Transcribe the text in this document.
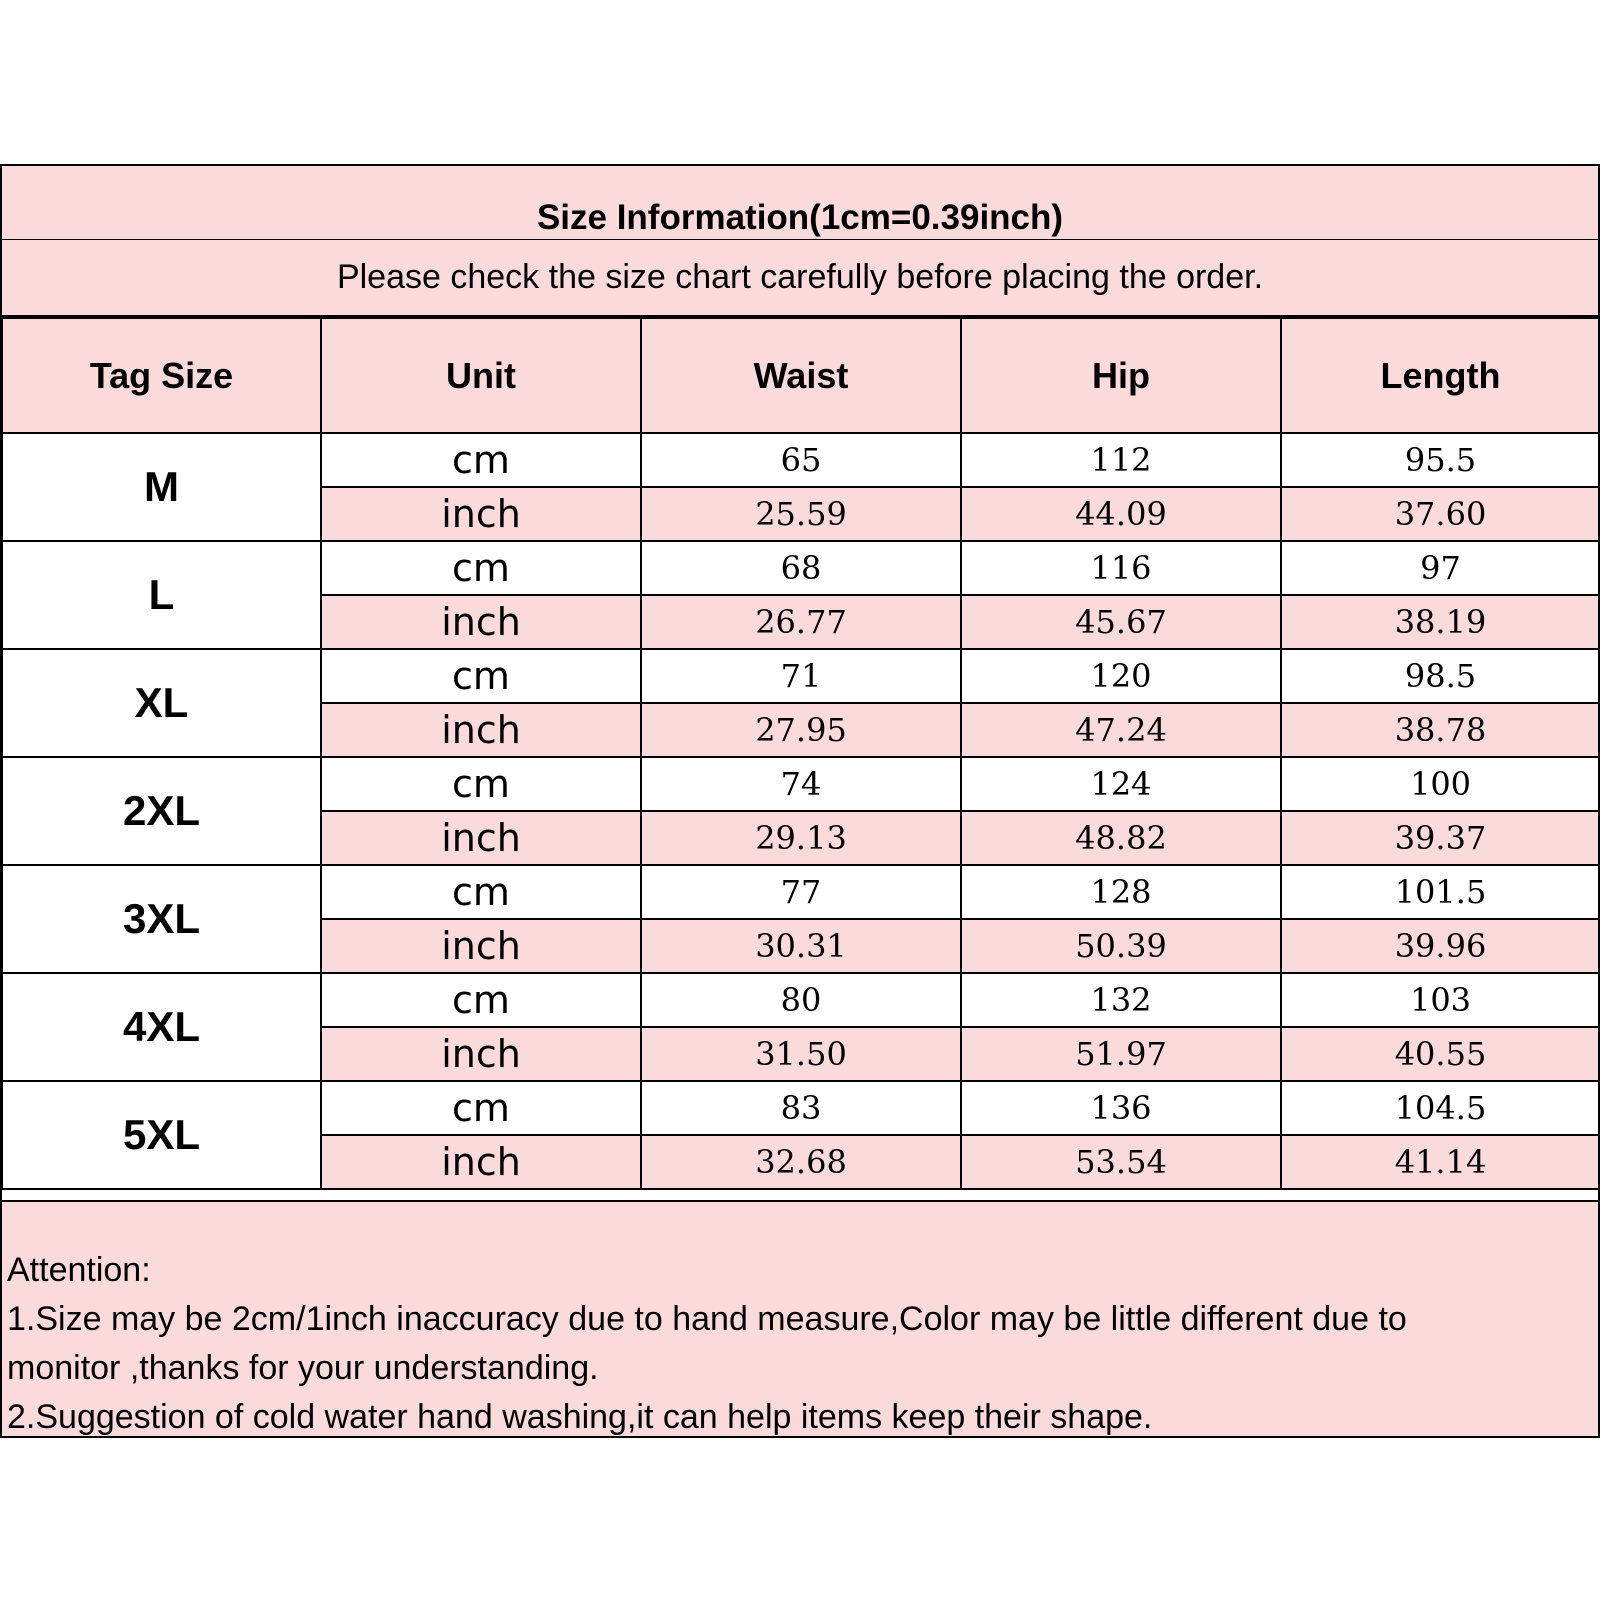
Size Information(1cm=0.39inch)
Please check the size chart carefully before placing the order.
Tag Size	Unit	Waist	Hip	Length
M	cm	65	112	95.5
	inch	25.59	44.09	37.60
L	cm	68	116	97
	inch	26.77	45.67	38.19
XL	cm	71	120	98.5
	inch	27.95	47.24	38.78
2XL	cm	74	124	100
	inch	29.13	48.82	39.37
3XL	cm	77	128	101.5
	inch	30.31	50.39	39.96
4XL	cm	80	132	103
	inch	31.50	51.97	40.55
5XL	cm	83	136	104.5
	inch	32.68	53.54	41.14
Attention:
1.Size may be 2cm/1inch inaccuracy due to hand measure,Color may be little different due to
monitor ,thanks for your understanding.
2.Suggestion of cold water hand washing,it can help items keep their shape.
